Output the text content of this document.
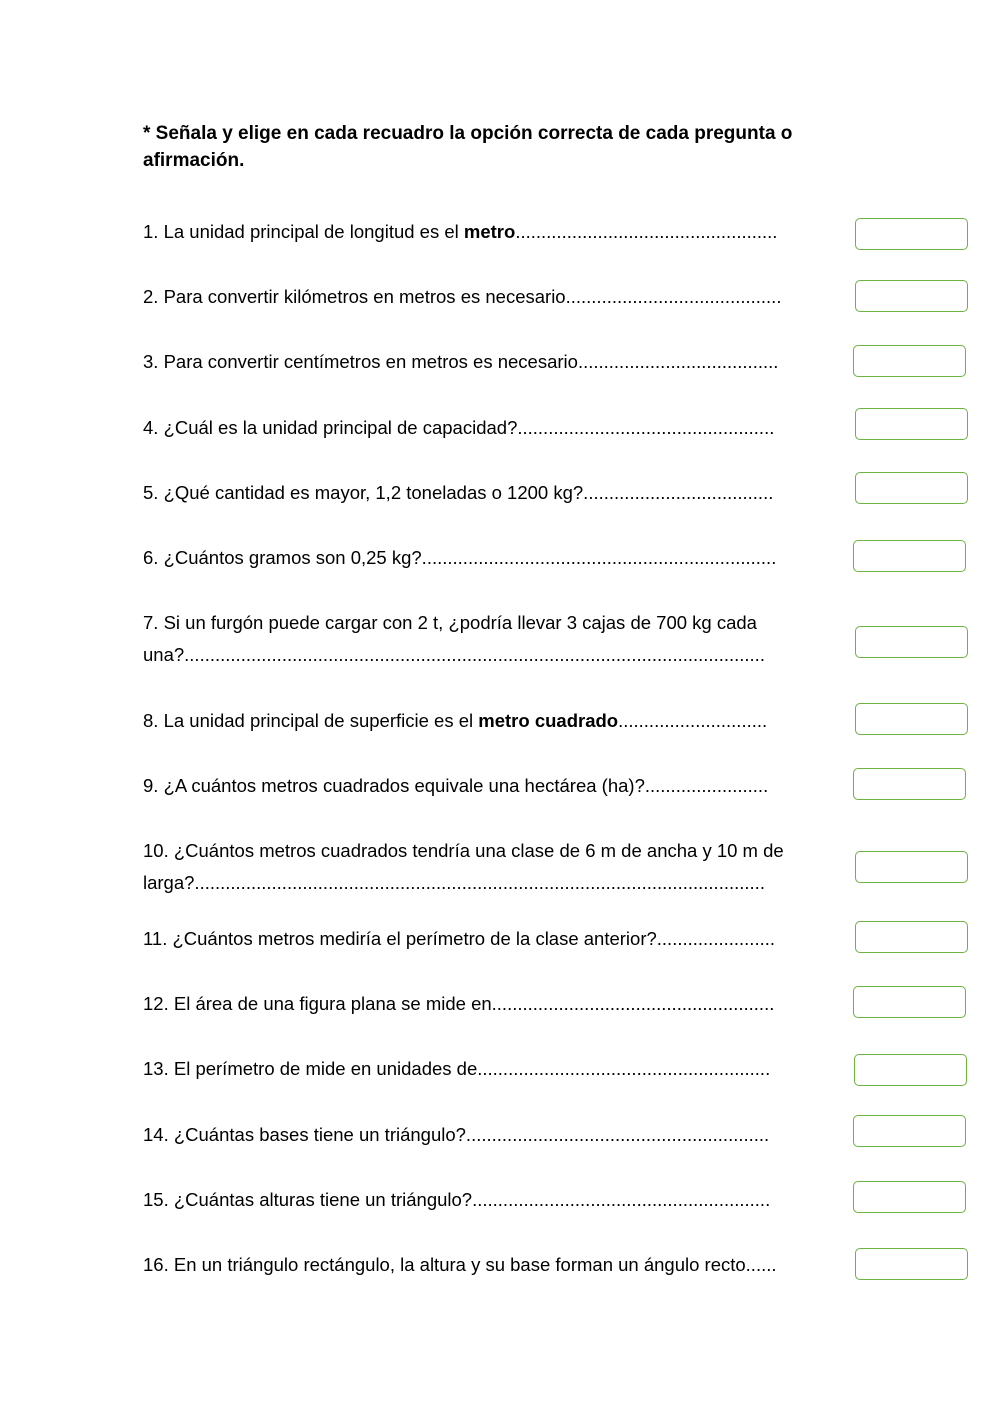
* Señala y elige en cada recuadro la opción correcta de cada pregunta o afirmación.

1. La unidad principal de longitud es el metro...................................................
2. Para convertir kilómetros en metros es necesario..........................................
3. Para convertir centímetros en metros es necesario.......................................
4. ¿Cuál es la unidad principal de capacidad?..................................................
5. ¿Qué cantidad es mayor, 1,2 toneladas o 1200 kg?.....................................
6. ¿Cuántos gramos son 0,25 kg?.....................................................................
7. Si un furgón puede cargar con 2 t, ¿podría llevar 3 cajas de 700 kg cada una?.................................................................................................................
8. La unidad principal de superficie es el metro cuadrado.............................
9. ¿A cuántos metros cuadrados equivale una hectárea (ha)?........................
10. ¿Cuántos metros cuadrados tendría una clase de 6 m de ancha y 10 m de larga?...............................................................................................................
11. ¿Cuántos metros mediría el perímetro de la clase anterior?.......................
12. El área de una figura plana se mide en.......................................................
13. El perímetro de mide en unidades de.........................................................
14. ¿Cuántas bases tiene un triángulo?...........................................................
15. ¿Cuántas alturas tiene un triángulo?..........................................................
16. En un triángulo rectángulo, la altura y su base forman un ángulo recto......
